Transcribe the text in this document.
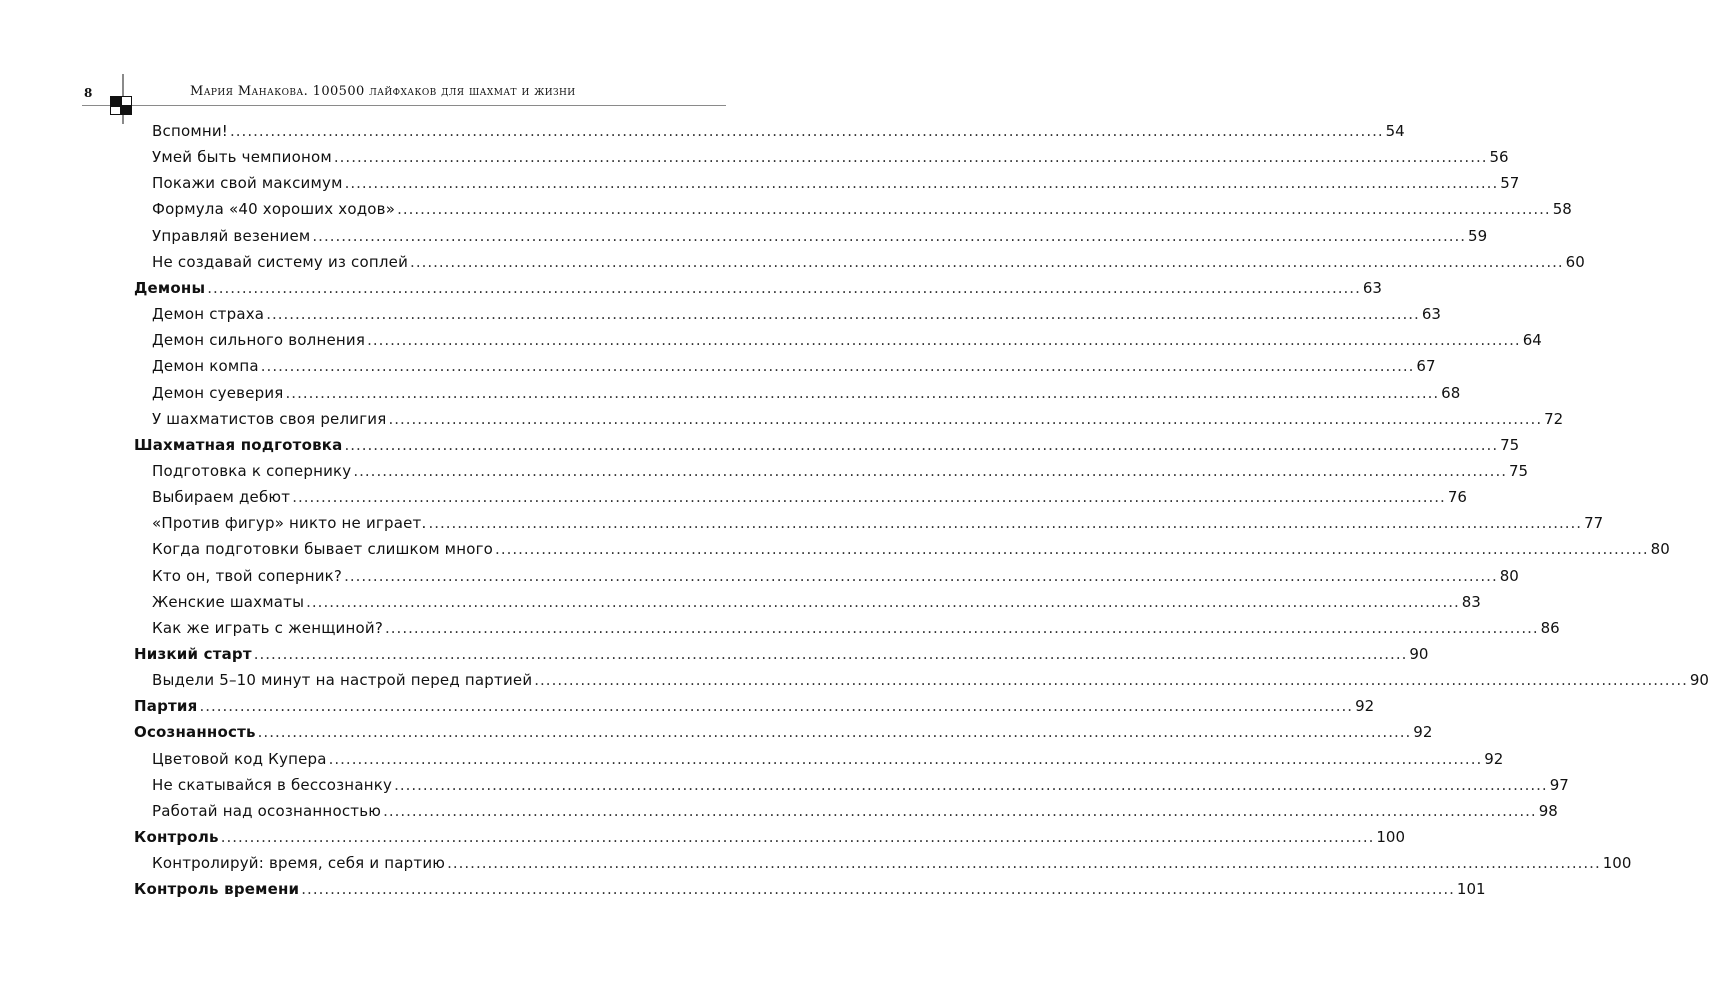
8	Мария Манакова. 100500 лайфхаков для шахмат и жизни
Вспомни! ........................................................................................................................................................................................................ 54
Умей быть чемпионом ........................................................................................................................................................................................................ 56
Покажи свой максимум ........................................................................................................................................................................................................ 57
Формула «40 хороших ходов» ........................................................................................................................................................................................................ 58
Управляй везением ........................................................................................................................................................................................................ 59
Не создавай систему из соплей ........................................................................................................................................................................................................ 60
Демоны ........................................................................................................................................................................................................ 63
Демон страха ........................................................................................................................................................................................................ 63
Демон сильного волнения ........................................................................................................................................................................................................ 64
Демон компа ........................................................................................................................................................................................................ 67
Демон суеверия ........................................................................................................................................................................................................ 68
У шахматистов своя религия ........................................................................................................................................................................................................ 72
Шахматная подготовка ........................................................................................................................................................................................................ 75
Подготовка к сопернику ........................................................................................................................................................................................................ 75
Выбираем дебют ........................................................................................................................................................................................................ 76
«Против фигур» никто не играет. ........................................................................................................................................................................................................ 77
Когда подготовки бывает слишком много ........................................................................................................................................................................................................ 80
Кто он, твой соперник? ........................................................................................................................................................................................................ 80
Женские шахматы ........................................................................................................................................................................................................ 83
Как же играть с женщиной? ........................................................................................................................................................................................................ 86
Низкий старт ........................................................................................................................................................................................................ 90
Выдели 5–10 минут на настрой перед партией ........................................................................................................................................................................................................ 90
Партия ........................................................................................................................................................................................................ 92
Осознанность ........................................................................................................................................................................................................ 92
Цветовой код Купера ........................................................................................................................................................................................................ 92
Не скатывайся в бессознанку ........................................................................................................................................................................................................ 97
Работай над осознанностью ........................................................................................................................................................................................................ 98
Контроль ........................................................................................................................................................................................................ 100
Контролируй: время, себя и партию ........................................................................................................................................................................................................ 100
Контроль времени ........................................................................................................................................................................................................ 101
